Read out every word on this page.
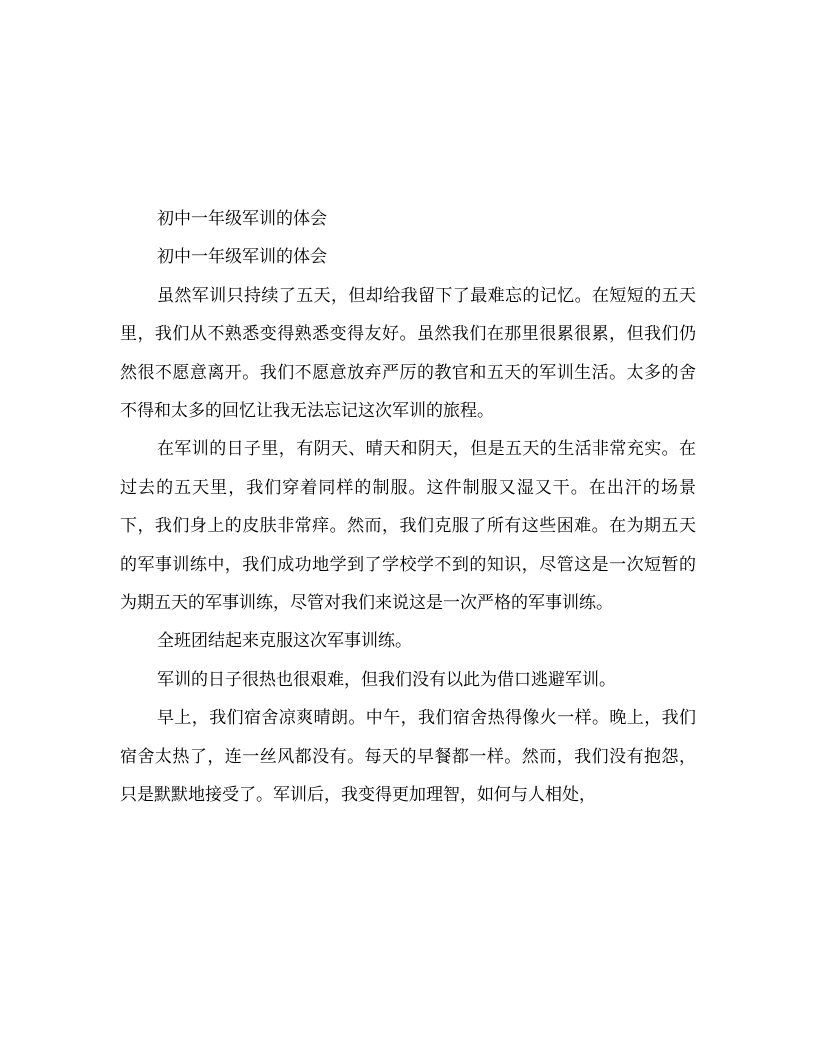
初中一年级军训的体会
初中一年级军训的体会

虽然军训只持续了五天，但却给我留下了最难忘的记忆。在短短的五天里，我们从不熟悉变得熟悉变得友好。虽然我们在那里很累很累，但我们仍然很不愿意离开。我们不愿意放弃严厉的教官和五天的军训生活。太多的舍不得和太多的回忆让我无法忘记这次军训的旅程。

在军训的日子里，有阴天、晴天和阴天，但是五天的生活非常充实。在过去的五天里，我们穿着同样的制服。这件制服又湿又干。在出汗的场景下，我们身上的皮肤非常痒。然而，我们克服了所有这些困难。在为期五天的军事训练中，我们成功地学到了学校学不到的知识，尽管这是一次短暂的为期五天的军事训练，尽管对我们来说这是一次严格的军事训练。

全班团结起来克服这次军事训练。

军训的日子很热也很艰难，但我们没有以此为借口逃避军训。

早上，我们宿舍凉爽晴朗。中午，我们宿舍热得像火一样。晚上，我们宿舍太热了，连一丝风都没有。每天的早餐都一样。然而，我们没有抱怨，只是默默地接受了。军训后，我变得更加理智，如何与人相处，
